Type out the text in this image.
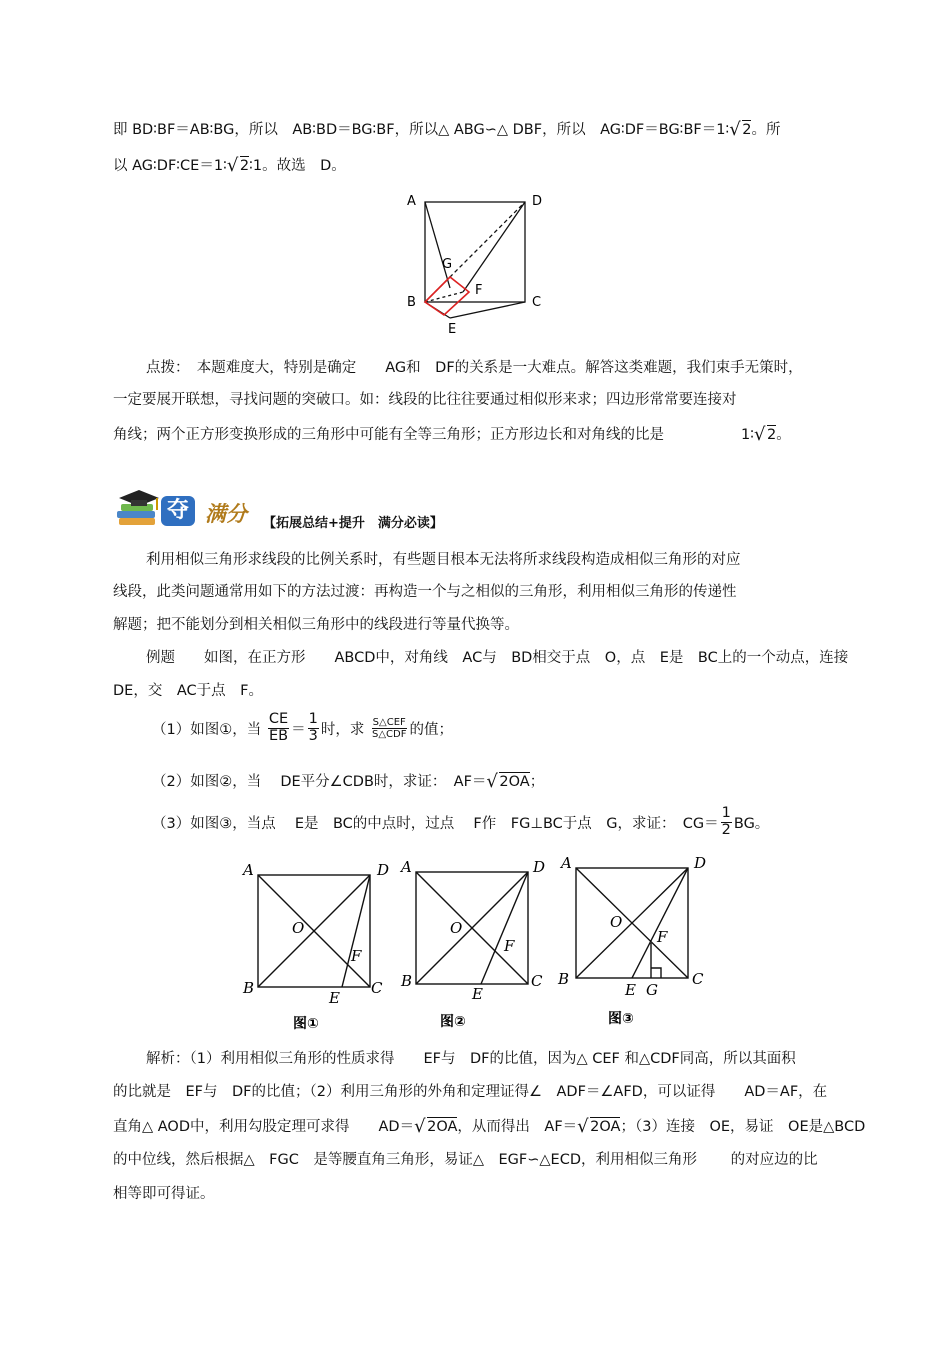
即 BD∶BF＝AB∶BG，所以　AB∶BD＝BG∶BF，所以△ ABG∽△ DBF，所以　AG∶DF＝BG∶BF＝1∶ √ 2。所
以 AG∶DF∶CE＝1∶ √ 2∶1。故选　D。
A	D
B	C
G
F
E
点拨：　本题难度大，特别是确定　　AG和　DF的关系是一大难点。解答这类难题，我们束手无策时，
一定要展开联想，寻找问题的突破口。如：线段的比往往要通过相似形来求；四边形常常要连接对
角线；两个正方形变换形成的三角形中可能有全等三角形；正方形边长和对角线的比是	1∶ √ 2。
夺 满分 【拓展总结+提升　满分必读】
利用相似三角形求线段的比例关系时，有些题目根本无法将所求线段构造成相似三角形的对应
线段，此类问题通常用如下的方法过渡：再构造一个与之相似的三角形，利用相似三角形的传递性
解题；把不能划分到相关相似三角形中的线段进行等量代换等。
例题　　如图，在正方形　　ABCD中，对角线　AC与　BD相交于点　O，点　E是　BC上的一个动点，连接
DE，交　AC于点　F。
（1）如图①，当 $\frac{CE}{EB} = \frac{1}{3}$ 时，求 $\frac{\text{S△CEF}}{\text{S△CDF}}$ 的值；
（2）如图②，当　 DE平分∠CDB时，求证：　AF＝ √ 2OA；
（3）如图③，当点　 E是　BC的中点时，过点　 F作　FG⊥BC于点　G，求证：　$CG= \frac{1}{2}$ BG。
A	D
B	C
O
F
E
图①
A	D
B	C
O
F
E
图②
A	D
B	C
O
F
E G
图③
解析：（1）利用相似三角形的性质求得　　EF与　DF的比值，因为△ CEF 和△CDF同高，所以其面积
的比就是　EF与　DF的比值；（2）利用三角形的外角和定理证得∠　ADF＝∠AFD，可以证得　　AD＝AF，在
直角△ AOD中，利用勾股定理可求得　　AD＝ √ 2OA，从而得出　AF＝ √ 2OA；（3）连接　OE，易证　OE是△BCD
的中位线，然后根据△　FGC　是等腰直角三角形，易证△　EGF∽△ECD，利用相似三角形　　 的对应边的比
相等即可得证。
